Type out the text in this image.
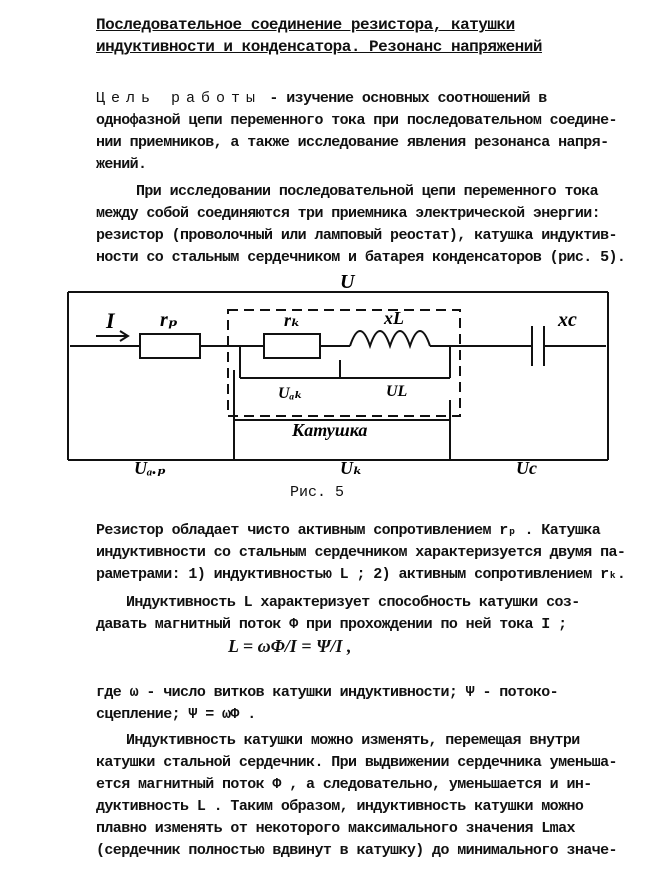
Последовательное соединение резистора, катушки
индуктивности и конденсатора. Резонанс напряжений
Цель работы - изучение основных соотношений в
однофазной цепи переменного тока при последовательном соедине-
нии приемников, а также исследование явления резонанса напря-
жений.
При исследовании последовательной цепи переменного тока
между собой соединяются три приемника электрической энергии:
резистор (проволочный или ламповый реостат), катушка индуктив-
ности со стальным сердечником и батарея конденсаторов (рис. 5).
U
I rₚ	rₖ	xL	xc
Uₐₖ	UL
Катушка
Uₐ.ₚ	Uₖ	Uc
Рис. 5
Резистор обладает чисто активным сопротивлением rₚ . Катушка
индуктивности со стальным сердечником характеризуется двумя па-
раметрами: 1) индуктивностью L ; 2) активным сопротивлением rₖ.
Индуктивность L характеризует способность катушки соз-
давать магнитный поток Φ при прохождении по ней тока I ;
L = ωΦ/I = Ψ/I ,
где ω - число витков катушки индуктивности; Ψ - потоко-
сцепление; Ψ = ωΦ .
Индуктивность катушки можно изменять, перемещая внутри
катушки стальной сердечник. При выдвижении сердечника уменьша-
ется магнитный поток Φ , а следовательно, уменьшается и ин-
дуктивность L . Таким образом, индуктивность катушки можно
плавно изменять от некоторого максимального значения Lmax
(сердечник полностью вдвинут в катушку) до минимального значе-
